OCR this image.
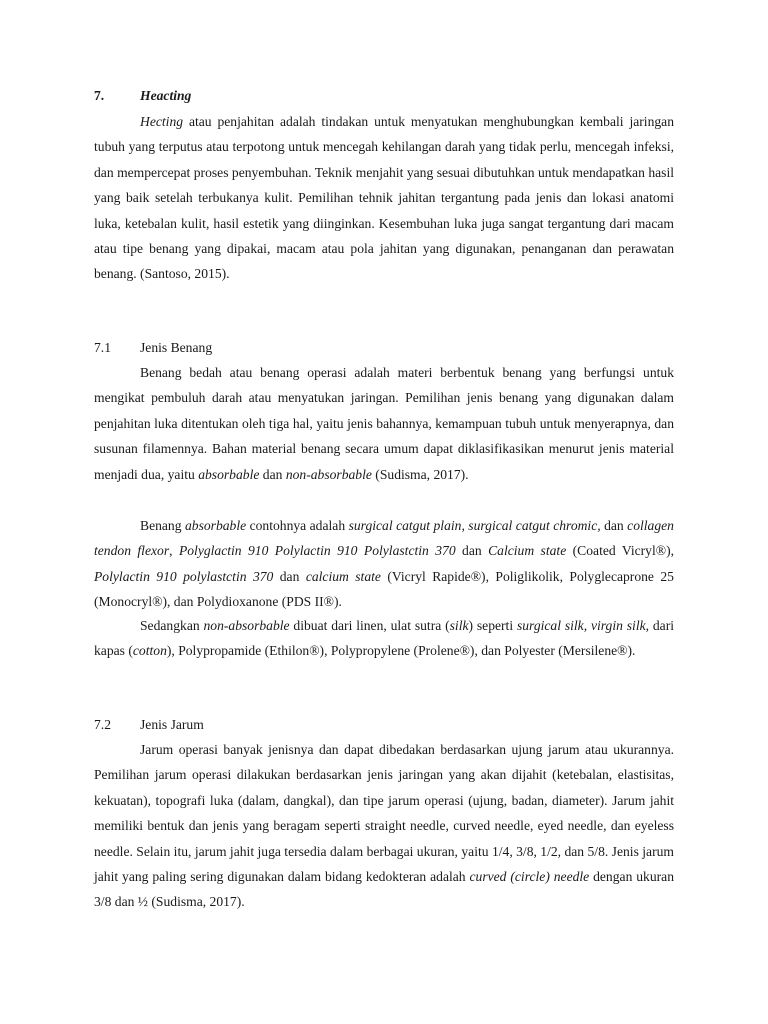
7.	Heacting

Hecting atau penjahitan adalah tindakan untuk menyatukan menghubungkan kembali jaringan tubuh yang terputus atau terpotong untuk mencegah kehilangan darah yang tidak perlu, mencegah infeksi, dan mempercepat proses penyembuhan. Teknik menjahit yang sesuai dibutuhkan untuk mendapatkan hasil yang baik setelah terbukanya kulit. Pemilihan tehnik jahitan tergantung pada jenis dan lokasi anatomi luka, ketebalan kulit, hasil estetik yang diinginkan. Kesembuhan luka juga sangat tergantung dari macam atau tipe benang yang dipakai, macam atau pola jahitan yang digunakan, penanganan dan perawatan benang. (Santoso, 2015).

7.1	Jenis Benang

Benang bedah atau benang operasi adalah materi berbentuk benang yang berfungsi untuk mengikat pembuluh darah atau menyatukan jaringan. Pemilihan jenis benang yang digunakan dalam penjahitan luka ditentukan oleh tiga hal, yaitu jenis bahannya, kemampuan tubuh untuk menyerapnya, dan susunan filamennya. Bahan material benang secara umum dapat diklasifikasikan menurut jenis material menjadi dua, yaitu absorbable dan non-absorbable (Sudisma, 2017).

Benang absorbable contohnya adalah surgical catgut plain, surgical catgut chromic, dan collagen tendon flexor, Polyglactin 910 Polylactin 910 Polylastctin 370 dan Calcium state (Coated Vicryl®), Polylactin 910 polylastctin 370 dan calcium state (Vicryl Rapide®), Poliglikolik, Polyglecaprone 25 (Monocryl®), dan Polydioxanone (PDS II®).

Sedangkan non-absorbable dibuat dari linen, ulat sutra (silk) seperti surgical silk, virgin silk, dari kapas (cotton), Polypropamide (Ethilon®), Polypropylene (Prolene®), dan Polyester (Mersilene®).

7.2	Jenis Jarum

Jarum operasi banyak jenisnya dan dapat dibedakan berdasarkan ujung jarum atau ukurannya. Pemilihan jarum operasi dilakukan berdasarkan jenis jaringan yang akan dijahit (ketebalan, elastisitas, kekuatan), topografi luka (dalam, dangkal), dan tipe jarum operasi (ujung, badan, diameter). Jarum jahit memiliki bentuk dan jenis yang beragam seperti straight needle, curved needle, eyed needle, dan eyeless needle. Selain itu, jarum jahit juga tersedia dalam berbagai ukuran, yaitu 1/4, 3/8, 1/2, dan 5/8. Jenis jarum jahit yang paling sering digunakan dalam bidang kedokteran adalah curved (circle) needle dengan ukuran 3/8 dan ½ (Sudisma, 2017).
